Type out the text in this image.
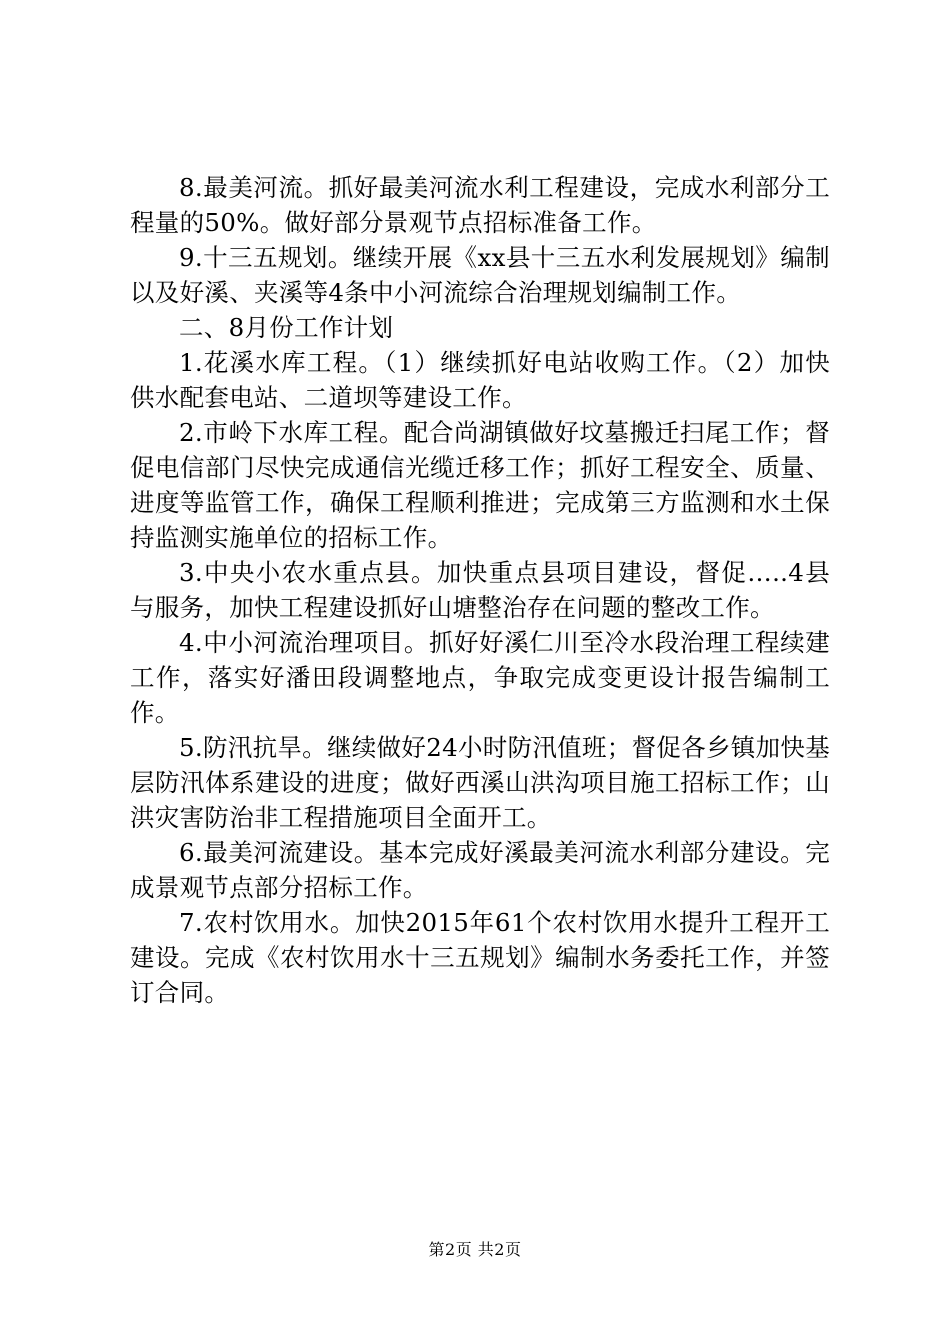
8.最美河流。抓好最美河流水利工程建设，完成水利部分工程量的50%。做好部分景观节点招标准备工作。

9.十三五规划。继续开展《xx县十三五水利发展规划》编制以及好溪、夹溪等4条中小河流综合治理规划编制工作。

二、8月份工作计划

1.花溪水库工程。（1）继续抓好电站收购工作。（2）加快供水配套电站、二道坝等建设工作。

2.市岭下水库工程。配合尚湖镇做好坟墓搬迁扫尾工作；督促电信部门尽快完成通信光缆迁移工作；抓好工程安全、质量、进度等监管工作，确保工程顺利推进；完成第三方监测和水土保持监测实施单位的招标工作。

3.中央小农水重点县。加快重点县项目建设，督促…..4县与服务，加快工程建设抓好山塘整治存在问题的整改工作。

4.中小河流治理项目。抓好好溪仁川至冷水段治理工程续建工作，落实好潘田段调整地点，争取完成变更设计报告编制工作。

5.防汛抗旱。继续做好24小时防汛值班；督促各乡镇加快基层防汛体系建设的进度；做好西溪山洪沟项目施工招标工作；山洪灾害防治非工程措施项目全面开工。

6.最美河流建设。基本完成好溪最美河流水利部分建设。完成景观节点部分招标工作。

7.农村饮用水。加快2015年61个农村饮用水提升工程开工建设。完成《农村饮用水十三五规划》编制水务委托工作，并签订合同。

第2页 共2页
